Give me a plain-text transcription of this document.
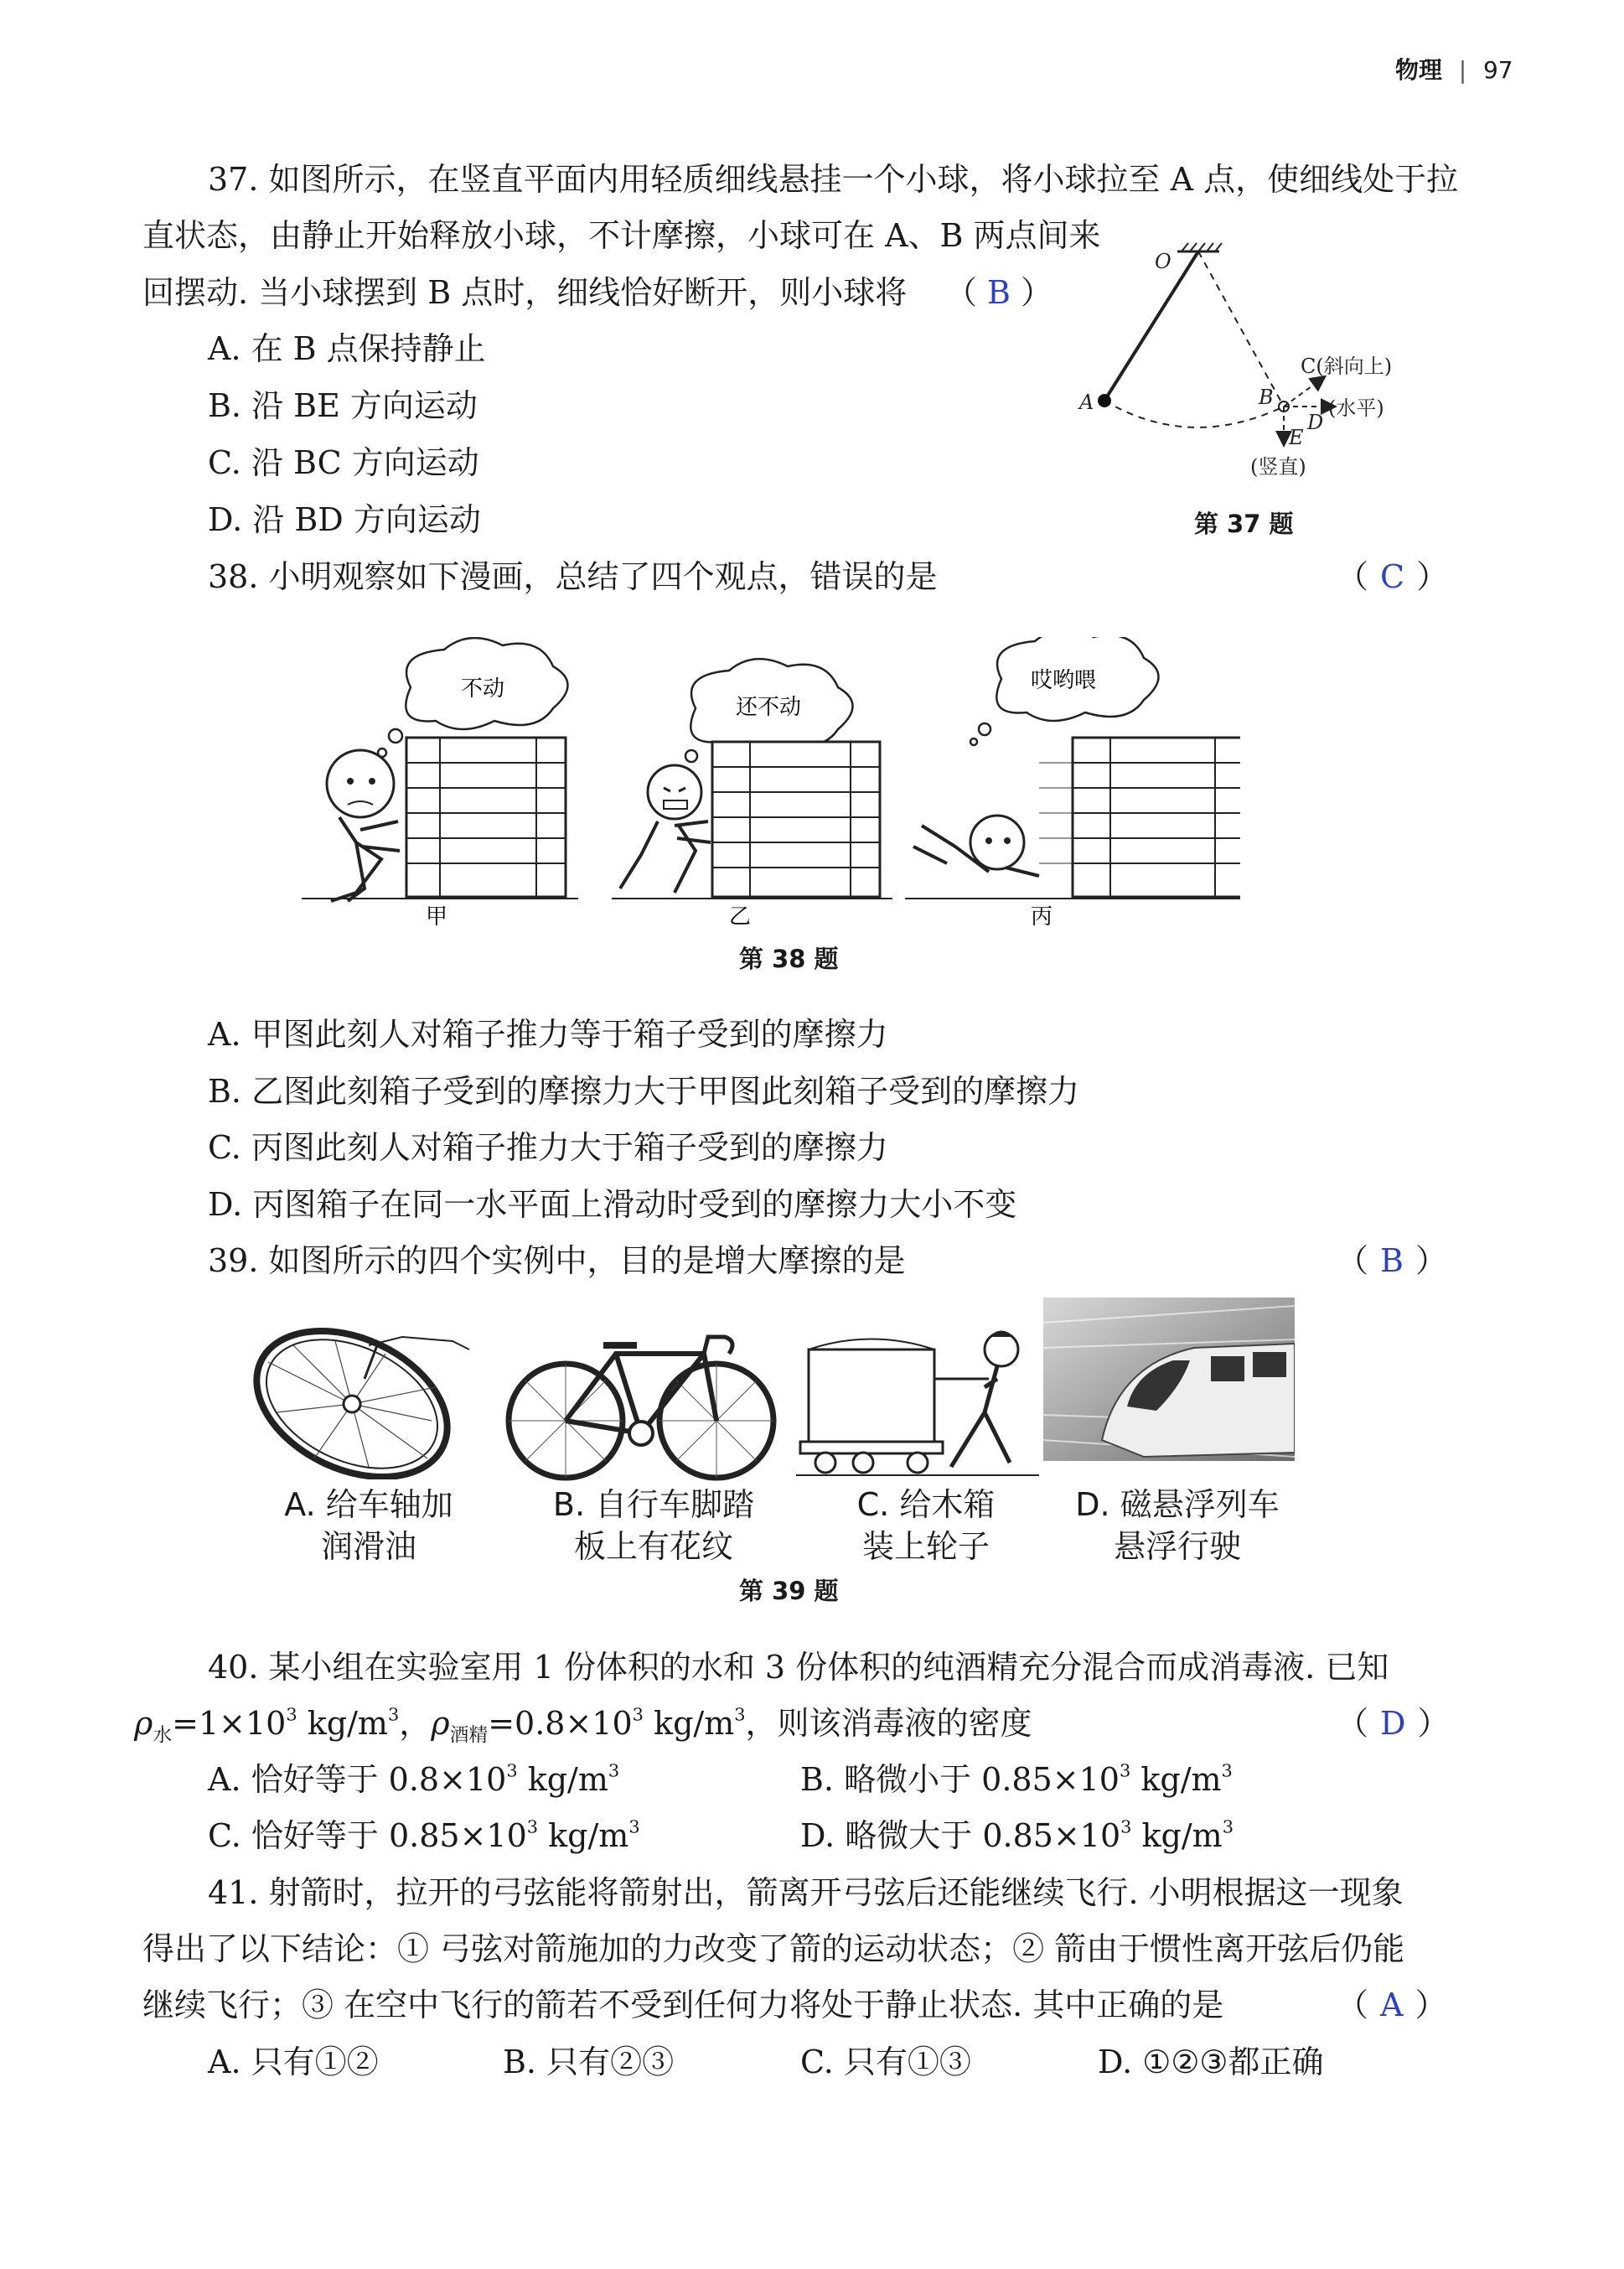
物理 | 97
37. 如图所示，在竖直平面内用轻质细线悬挂一个小球，将小球拉至 A 点，使细线处于拉
直状态，由静止开始释放小球，不计摩擦，小球可在 A、B 两点间来
回摆动. 当小球摆到 B 点时，细线恰好断开，则小球将 （ B ）
A. 在 B 点保持静止
B. 沿 BE 方向运动
C. 沿 BC 方向运动
D. 沿 BD 方向运动
O
A	B
C(斜向上)
D
(水平)
E
(竖直)
第 37 题
38. 小明观察如下漫画，总结了四个观点，错误的是	（ C ）
不动
甲
还不动
乙
哎哟喂
丙
第 38 题
A. 甲图此刻人对箱子推力等于箱子受到的摩擦力
B. 乙图此刻箱子受到的摩擦力大于甲图此刻箱子受到的摩擦力
C. 丙图此刻人对箱子推力大于箱子受到的摩擦力
D. 丙图箱子在同一水平面上滑动时受到的摩擦力大小不变
39. 如图所示的四个实例中，目的是增大摩擦的是	（ B ）
A. 给车轴加
润滑油
B. 自行车脚踏
板上有花纹
C. 给木箱
装上轮子
D. 磁悬浮列车
悬浮行驶
第 39 题
40. 某小组在实验室用 1 份体积的水和 3 份体积的纯酒精充分混合而成消毒液. 已知
$\rho_水=1\times 10^3$ $kg/m^3$，$\rho_{酒精}=0.8\times 10^3$ $kg/m^3$，则该消毒液的密度	（ D ）
A. 恰好等于 $0.8\times 10^3$ $kg/m^3$	B. 略微小于 $0.85\times 10^3$ $kg/m^3$
C. 恰好等于 $0.85\times 10^3$ $kg/m^3$	D. 略微大于 $0.85\times 10^3$ $kg/m^3$
41. 射箭时，拉开的弓弦能将箭射出，箭离开弓弦后还能继续飞行. 小明根据这一现象
得出了以下结论：① 弓弦对箭施加的力改变了箭的运动状态；② 箭由于惯性离开弦后仍能
继续飞行；③ 在空中飞行的箭若不受到任何力将处于静止状态. 其中正确的是	（ A ）
A. 只有①②	B. 只有②③	C. 只有①③	D. ①②③都正确
